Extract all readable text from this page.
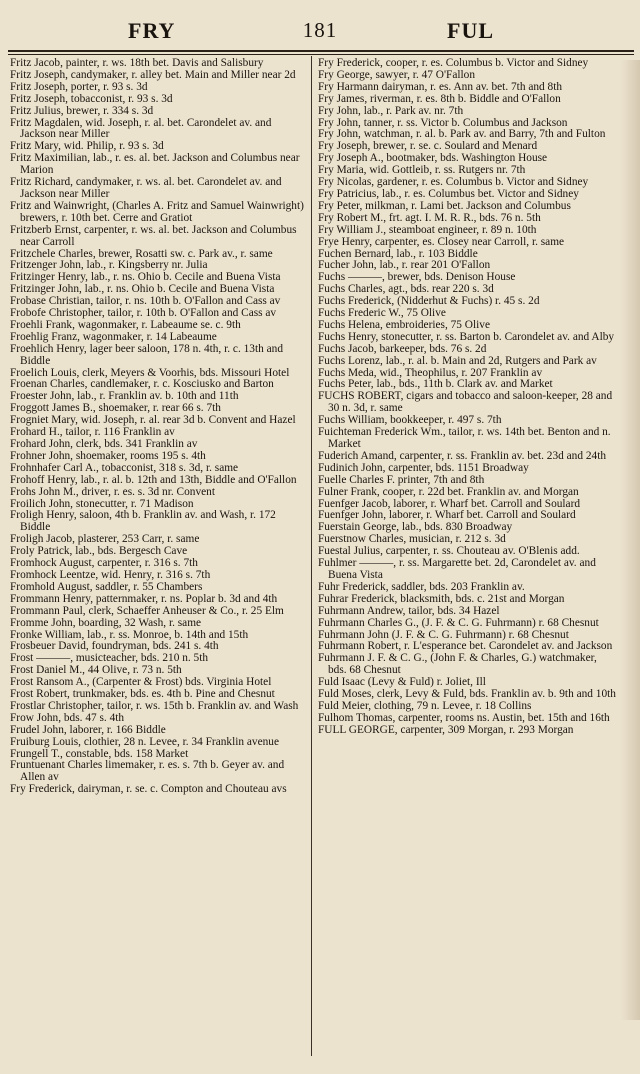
FRY	181	FUL

Fritz Jacob, painter, r. ws. 18th bet. Davis and Salisbury

Fritz Joseph, candymaker, r. alley bet. Main and Miller near 2d

Fritz Joseph, porter, r. 93 s. 3d

Fritz Joseph, tobacconist, r. 93 s. 3d

Fritz Julius, brewer, r. 334 s. 3d

Fritz Magdalen, wid. Joseph, r. al. bet. Carondelet av. and Jackson near Miller

Fritz Mary, wid. Philip, r. 93 s. 3d

Fritz Maximilian, lab., r. es. al. bet. Jackson and Columbus near Marion

Fritz Richard, candymaker, r. ws. al. bet. Carondelet av. and Jackson near Miller

Fritz and Wainwright, (Charles A. Fritz and Samuel Wainwright) brewers, r. 10th bet. Cerre and Gratiot

Fritzberb Ernst, carpenter, r. ws. al. bet. Jackson and Columbus near Carroll

Fritzchele Charles, brewer, Rosatti sw. c. Park av., r. same

Fritzenger John, lab., r. Kingsberry nr. Julia

Fritzinger Henry, lab., r. ns. Ohio b. Cecile and Buena Vista

Fritzinger John, lab., r. ns. Ohio b. Cecile and Buena Vista

Frobase Christian, tailor, r. ns. 10th b. O'Fallon and Cass av

Frobofe Christopher, tailor, r. 10th b. O'Fallon and Cass av

Froehli Frank, wagonmaker, r. Labeaume se. c. 9th

Froehlig Franz, wagonmaker, r. 14 Labeaume

Froehlich Henry, lager beer saloon, 178 n. 4th, r. c. 13th and Biddle

Froelich Louis, clerk, Meyers & Voorhis, bds. Missouri Hotel

Froenan Charles, candlemaker, r. c. Kosciusko and Barton

Froester John, lab., r. Franklin av. b. 10th and 11th

Froggott James B., shoemaker, r. rear 66 s. 7th

Frogniet Mary, wid. Joseph, r. al. rear 3d b. Convent and Hazel

Frohard H., tailor, r. 116 Franklin av

Frohard John, clerk, bds. 341 Franklin av

Frohner John, shoemaker, rooms 195 s. 4th

Frohnhafer Carl A., tobacconist, 318 s. 3d, r. same

Frohoff Henry, lab., r. al. b. 12th and 13th, Biddle and O'Fallon

Frohs John M., driver, r. es. s. 3d nr. Convent

Froilich John, stonecutter, r. 71 Madison

Froligh Henry, saloon, 4th b. Franklin av. and Wash, r. 172 Biddle

Froligh Jacob, plasterer, 253 Carr, r. same

Froly Patrick, lab., bds. Bergesch Cave

Fromhock August, carpenter, r. 316 s. 7th

Fromhock Leentze, wid. Henry, r. 316 s. 7th

Fromhold August, saddler, r. 55 Chambers

Frommann Henry, patternmaker, r. ns. Poplar b. 3d and 4th

Frommann Paul, clerk, Schaeffer Anheuser & Co., r. 25 Elm

Fromme John, boarding, 32 Wash, r. same

Fronke William, lab., r. ss. Monroe, b. 14th and 15th

Frosbeuer David, foundryman, bds. 241 s. 4th

Frost ———, musicteacher, bds. 210 n. 5th

Frost Daniel M., 44 Olive, r. 73 n. 5th

Frost Ransom A., (Carpenter & Frost) bds. Virginia Hotel

Frost Robert, trunkmaker, bds. es. 4th b. Pine and Chesnut

Frostlar Christopher, tailor, r. ws. 15th b. Franklin av. and Wash

Frow John, bds. 47 s. 4th

Frudel John, laborer, r. 166 Biddle

Fruiburg Louis, clothier, 28 n. Levee, r. 34 Franklin avenue

Frungell T., constable, bds. 158 Market

Fruntuenant Charles limemaker, r. es. s. 7th b. Geyer av. and Allen av

Fry Frederick, dairyman, r. se. c. Compton and Chouteau avs

Fry Frederick, cooper, r. es. Columbus b. Victor and Sidney

Fry George, sawyer, r. 47 O'Fallon

Fry Harmann dairyman, r. es. Ann av. bet. 7th and 8th

Fry James, riverman, r. es. 8th b. Biddle and O'Fallon

Fry John, lab., r. Park av. nr. 7th

Fry John, tanner, r. ss. Victor b. Columbus and Jackson

Fry John, watchman, r. al. b. Park av. and Barry, 7th and Fulton

Fry Joseph, brewer, r. se. c. Soulard and Menard

Fry Joseph A., bootmaker, bds. Washington House

Fry Maria, wid. Gottleib, r. ss. Rutgers nr. 7th

Fry Nicolas, gardener, r. es. Columbus b. Victor and Sidney

Fry Patricius, lab., r. es. Columbus bet. Victor and Sidney

Fry Peter, milkman, r. Lami bet. Jackson and Columbus

Fry Robert M., frt. agt. I. M. R. R., bds. 76 n. 5th

Fry William J., steamboat engineer, r. 89 n. 10th

Frye Henry, carpenter, es. Closey near Carroll, r. same

Fuchen Bernard, lab., r. 103 Biddle

Fucher John, lab., r. rear 201 O'Fallon

Fuchs ———, brewer, bds. Denison House

Fuchs Charles, agt., bds. rear 220 s. 3d

Fuchs Frederick, (Nidderhut & Fuchs) r. 45 s. 2d

Fuchs Frederic W., 75 Olive

Fuchs Helena, embroideries, 75 Olive

Fuchs Henry, stonecutter, r. ss. Barton b. Carondelet av. and Alby

Fuchs Jacob, barkeeper, bds. 76 s. 2d

Fuchs Lorenz, lab., r. al. b. Main and 2d, Rutgers and Park av

Fuchs Meda, wid., Theophilus, r. 207 Franklin av

Fuchs Peter, lab., bds., 11th b. Clark av. and Market

FUCHS ROBERT, cigars and tobacco and saloon-keeper, 28 and 30 n. 3d, r. same

Fuchs William, bookkeeper, r. 497 s. 7th

Fuichteman Frederick Wm., tailor, r. ws. 14th bet. Benton and n. Market

Fuderich Amand, carpenter, r. ss. Franklin av. bet. 23d and 24th

Fudinich John, carpenter, bds. 1151 Broadway

Fuelle Charles F. printer, 7th and 8th

Fulner Frank, cooper, r. 22d bet. Franklin av. and Morgan

Fuenfger Jacob, laborer, r. Wharf bet. Carroll and Soulard

Fuenfger John, laborer, r. Wharf bet. Carroll and Soulard

Fuerstain George, lab., bds. 830 Broadway

Fuerstnow Charles, musician, r. 212 s. 3d

Fuestal Julius, carpenter, r. ss. Chouteau av. O'Blenis add.

Fuhlmer ———, r. ss. Margarette bet. 2d, Carondelet av. and Buena Vista

Fuhr Frederick, saddler, bds. 203 Franklin av.

Fuhrar Frederick, blacksmith, bds. c. 21st and Morgan

Fuhrmann Andrew, tailor, bds. 34 Hazel

Fuhrmann Charles G., (J. F. & C. G. Fuhrmann) r. 68 Chesnut

Fuhrmann John (J. F. & C. G. Fuhrmann) r. 68 Chesnut

Fuhrmann Robert, r. L'esperance bet. Carondelet av. and Jackson

Fuhrmann J. F. & C. G., (John F. & Charles, G.) watchmaker, bds. 68 Chesnut

Fuld Isaac (Levy & Fuld) r. Joliet, Ill

Fuld Moses, clerk, Levy & Fuld, bds. Franklin av. b. 9th and 10th

Fuld Meier, clothing, 79 n. Levee, r. 18 Collins

Fulhom Thomas, carpenter, rooms ns. Austin, bet. 15th and 16th

FULL GEORGE, carpenter, 309 Morgan, r. 293 Morgan
